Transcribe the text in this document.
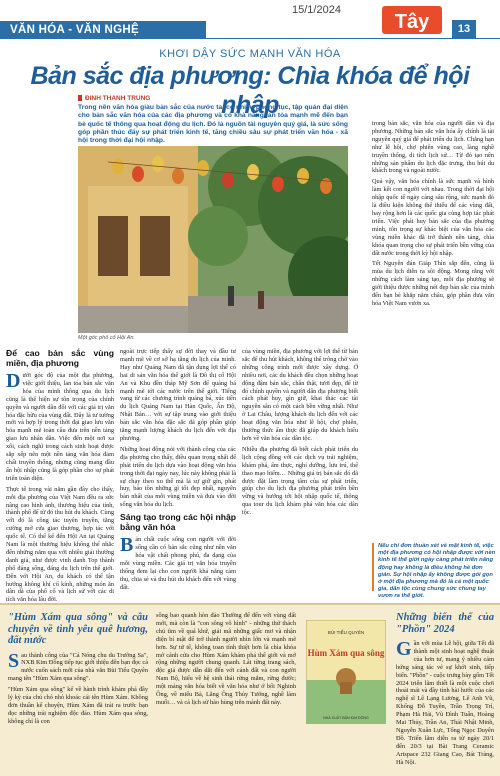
VĂN HÓA - VĂN NGHỆ
15/1/2024
Tây	13
KHƠI DẬY SỨC MẠNH VĂN HÓA
Bản sắc địa phương: Chìa khóa để hội nhập
ĐINH THANH TRUNG
Trong nền văn hóa giàu bản sắc của nước ta, có nhiều phong tục, tập quán đại diện cho bản sắc văn hóa của các địa phương và có khả năng lan tỏa mạnh mẽ đến bạn bè quốc tế thông qua hoạt động du lịch. Đó là nguồn tài nguyên quý giá, là sức sống góp phần thúc đẩy sự phát triển kinh tế, tăng chiều sâu sự phát triển văn hóa - xã hội trong thời đại hội nhập.
Một góc phố cổ Hội An.
Để cao bản sắc vùng miền, địa phương

Dưới góc độ của một địa phương, việc giới thiệu, lan tỏa bản sắc văn hóa của mình thông qua du lịch cũng là thế hiện sự tôn trọng của chính quyền và người dân đối với các giá trị văn hóa đặc hữu của vùng đất. Đây là tư tưởng mới và hợp lý trong thời đại giao lưu văn hóa mạnh mẽ toàn cầu đưa trên nền tảng giao lưu nhân dân. Việc đến một nơi xa xôi, cách nghĩ trong cách sinh hoạt được sắp xếp nên một nền tảng văn hóa đảm chất truyền thống, nhưng cũng mang đầu ấn hội nhập cũng là góp phần cho sự phát triển toàn diện.

Thực tế trong vài năm gần đây cho thấy, mỗi địa phương của Việt Nam đều ra sức nâng cao hình ảnh, thương hiệu của tỉnh, thành phố để từ đó thu hút du khách. Cùng với đó là công tác tuyên truyền, tăng cường mở cửa giao thương, hợp tác với quốc tế. Có thể kể đến Hội An tại Quảng Nam là một thương hiệu không thể nhắc đến những năm qua với nhiều giải thưởng danh giá, như được vinh danh Top thành phố đáng sống, đáng du lịch trên thế giới. Đến với Hội An, du khách có thể tận hưởng không khí cổ kính, những món ăn dân dã của phố cổ và lịch sử với các di tích văn hóa lâu đời.

ngoài trực tiếp thấy sự đời thay và đầu tư mạnh mẽ về cơ sở hạ tầng du lịch của mình. Hay như Quảng Nam đã tận dụng lợi thế có hai di sản văn hóa thế giới là Đô thị cổ Hội An và Khu đền tháp Mỹ Sơn để quảng bá mạnh mẽ tới các nước trên thế giới. Tiếng vang từ các chương trình quảng bá, xúc tiến du lịch Quảng Nam tại Hàn Quốc, Ấn Độ, Nhật Bản… với sự tập trung vào giới thiệu bản sắc văn hóa đặc sắc đã góp phần giúp tăng mạnh lượng khách du lịch đến với địa phương.

Những hoạt động nói với thành công của các địa phương cho thấy, điều quan trọng nhất để phát triển du lịch dựa vào hoạt động văn hóa trong thời đại ngày nay, lúc này không phải là sự chạy theo xu thế mà là sự giữ gìn, phát huy, bảo tồn những gì tốt đẹp nhất, nguyên bản nhất của mỗi vùng miền và đưa vào đời sống văn hóa du lịch.

Sáng tạo trong các hội nhập bằng văn hóa

Bản chất cuộc sống con người với đời sống cần có bản sắc cũng như nền văn hóa vật chất phong phú, đa dạng của mỗi vùng miền. Các giá trị văn hóa truyền thống đem lại cho con người khả năng cảm thụ, chia sẻ và thu hút du khách đến với vùng đất.

của vùng miền, địa phương với lợi thế từ bản sắc để thu hút khách, không thể trông chờ vào những công trình mới được xây dựng. Ở nhiều nơi, các du khách đều chọn những hoạt động đậm bản sắc, chân thật, tươi đẹp, để từ đó chính quyền và người dân địa phương biết cách phát huy, gìn giữ, khai thác các tài nguyên sẵn có một cách bền vững nhất. Như ở Lai Châu, lượng khách du lịch đến với các hoạt động văn hóa như lễ hội, chợ phiên, thưởng thức ẩm thực đã giúp du khách hiểu hơn về văn hóa các dân tộc.

Nhiều địa phương đã biết cách phát triển du lịch cộng đồng với các dịch vụ trải nghiệm, khám phá, ẩm thực, nghỉ dưỡng, lưu trú, thể thao mạo hiểm… Những giá trị bản sắc đó đã được đặt làm trọng tâm của sự phát triển, giúp cho du lịch địa phương phát triển bền vững và hướng tới hội nhập quốc tế, thông qua tour du lịch khám phá văn hóa các dân tộc.

trong bản sắc, văn hóa của người dân và địa phương. Những bản sắc văn hóa ấy chính là tài nguyên quý giá để phát triển du lịch. Chẳng hạn như lễ hội, chợ phiên vùng cao, làng nghề truyền thống, di tích lịch sử… Từ đó tạo nên những sản phẩm du lịch đặc trưng, thu hút du khách trong và ngoài nước.

Quả vậy, văn hóa chính là sức mạnh và hình làm kết con người với nhau. Trong thời đại hội nhập quốc tế ngày càng sâu rộng, sức mạnh đó là điều kiện không thể thiếu để các vùng đất, hay rộng hơn là các quốc gia cùng hợp tác phát triển. Việc phát huy bản sắc của địa phương mình, tôn trọng sự khác biệt của văn hóa các vùng miền khác đã trở thành nền tảng, chìa khóa quan trọng cho sự phát triển bền vững của đất nước trong thời kỳ hội nhập.

Tết Nguyên đán Giáp Thìn sắp đến, cũng là mùa du lịch diễn ra sôi động. Mong rằng với những cách làm sáng tạo, mỗi địa phương sẽ giới thiệu được những nét đẹp bản sắc của mình đến bạn bè khắp năm châu, góp phần đưa văn hóa Việt Nam vươn xa.

Nếu chỉ đơn thuần xét về mặt kinh tế, việc một địa phương có hội nhập được với nền kinh tế thế giới ngày càng phát triển năng động hay không là điều không hề đơn giản. Sự hội nhập ấy không được gói gọn ở một địa phương mà đó là cả một quốc gia, dân tộc cùng chung sức chung tay vươn ra thế giới.
"Hùm Xám qua sông" và câu chuyện về tình yêu quê hương, đất nước

Sau thành công của "Cá Nóng chu du Trường Sa", NXB Kim Đồng tiếp tục giới thiệu đến bạn đọc cả nước cuốn sách mới của nhà văn Bùi Tiểu Quyên mang tên "Hùm Xám qua sông".

"Hùm Xám qua sông" kể về hành trình khám phá đầy lý kỳ của chú chó nhỏ khoác cái tên Hùm Xám. Không đơn thuần kể chuyện, Hùm Xám đã trải ra trước bạn đọc những trải nghiệm độc đáo. Hùm Xám qua sông, không chỉ là con

sông bao quanh hòn đảo Thường để đến với vùng đất mới, mà còn là "con sông vô hình" - những thử thách chú tìm về quá khứ, giải mã những giấc mơ và nhận diện bí mật để trở thành người nhìn lớn và mạnh mẽ hơn. Sự tử tế, không toan tính thiệt hơn là chìa khóa mở cánh cửa cho Hùm Xám khám phá thế giới và mở rộng những người chung quanh. Lát từng trang sách, độc giả được dẫn dắt đến với cánh đất và con người Nam Bộ, hiểu về hệ sinh thái rừng mắm, rừng đước; một mảng văn hóa biết về văn hóa như ở bối Nghinh Ông, về miếu Bà, Lăng Ông Thủy Tướng, nghề làm muối… và cả lịch sử hào hùng trên mảnh đất này.

Hùm Xám qua sông
BÙI TIỂU QUYÊN
NHÀ XUẤT BẢN KIM ĐỒNG
Những biến thể của "Phồn" 2024

Gần với mùa Lễ hội, giữa Tết đã thành một sinh hoạt nghệ thuật của hơn tư, mang ý nhiều cảm hứng sáng tác vẻ sự khởi sinh, tiếp biến. "Phồn" - cuộc trưng bày gốm Tết 2024 triển lãm thiết là một cuộc chơi thoải mái và đầy tính hài hước của các nghệ sĩ Lê Lạng Lương, Lê Anh Vũ, Khổng Đỗ Tuyền, Trần Trọng Trí, Phạm Hà Hải, Vũ Đình Tuấn, Hoàng Mai Thủy, Trần An, Thái Nhật Minh, Nguyễn Xuân Lực, Tổng Ngọc Duyên Đồ. Triển lãm diễn ra từ ngày 20/1 đến 20/3 tại Bài Trang Ceramic Artspace 232 Giang Cao, Bát Tràng, Hà Nội.
